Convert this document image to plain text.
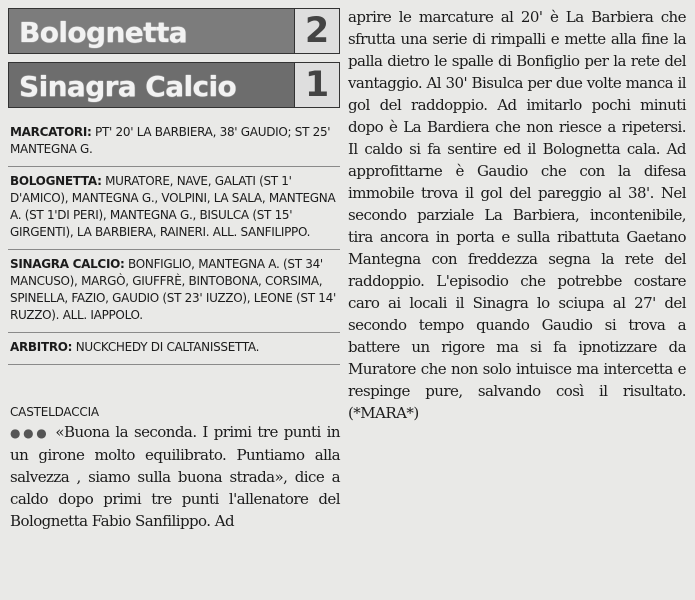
Bolognetta	2
Sinagra Calcio	1
MARCATORI: PT' 20' LA BARBIERA, 38' GAUDIO; ST 25' MANTEGNA G.
BOLOGNETTA: MURATORE, NAVE, GALATI (ST 1' D'AMICO), MANTEGNA G., VOLPINI, LA SALA, MANTEGNA A. (ST 1'DI PERI), MANTEGNA G., BISULCA (ST 15' GIRGENTI), LA BARBIERA, RAINERI. ALL. SANFILIPPO.
SINAGRA CALCIO: BONFIGLIO, MANTEGNA A. (ST 34' MANCUSO), MARGÒ, GIUFFRÈ, BINTOBONA, CORSIMA, SPINELLA, FAZIO, GAUDIO (ST 23' IUZZO), LEONE (ST 14' RUZZO). ALL. IAPPOLO.
ARBITRO: NUCKCHEDY DI CALTANISSETTA.
CASTELDACCIA

●●● «Buona la seconda. I primi tre punti in un girone molto equilibrato. Puntiamo alla salvezza , siamo sulla buona strada», dice a caldo dopo primi tre punti l'allenatore del Bolognetta Fabio Sanfilippo. Ad

aprire le marcature al 20' è La Barbiera che sfrutta una serie di rimpalli e mette alla fine la palla dietro le spalle di Bonfiglio per la rete del vantaggio. Al 30' Bisulca per due volte manca il gol del raddoppio. Ad imitarlo pochi minuti dopo è La Bardiera che non riesce a ripetersi. Il caldo si fa sentire ed il Bolognetta cala. Ad approfittarne è Gaudio che con la difesa immobile trova il gol del pareggio al 38'. Nel secondo parziale La Barbiera, incontenibile, tira ancora in porta e sulla ribattuta Gaetano Mantegna con freddezza segna la rete del raddoppio. L'episodio che potrebbe costare caro ai locali il Sinagra lo sciupa al 27' del secondo tempo quando Gaudio si trova a battere un rigore ma si fa ipnotizzare da Muratore che non solo intuisce ma intercetta e respinge pure, salvando così il risultato. (*MARA*)
